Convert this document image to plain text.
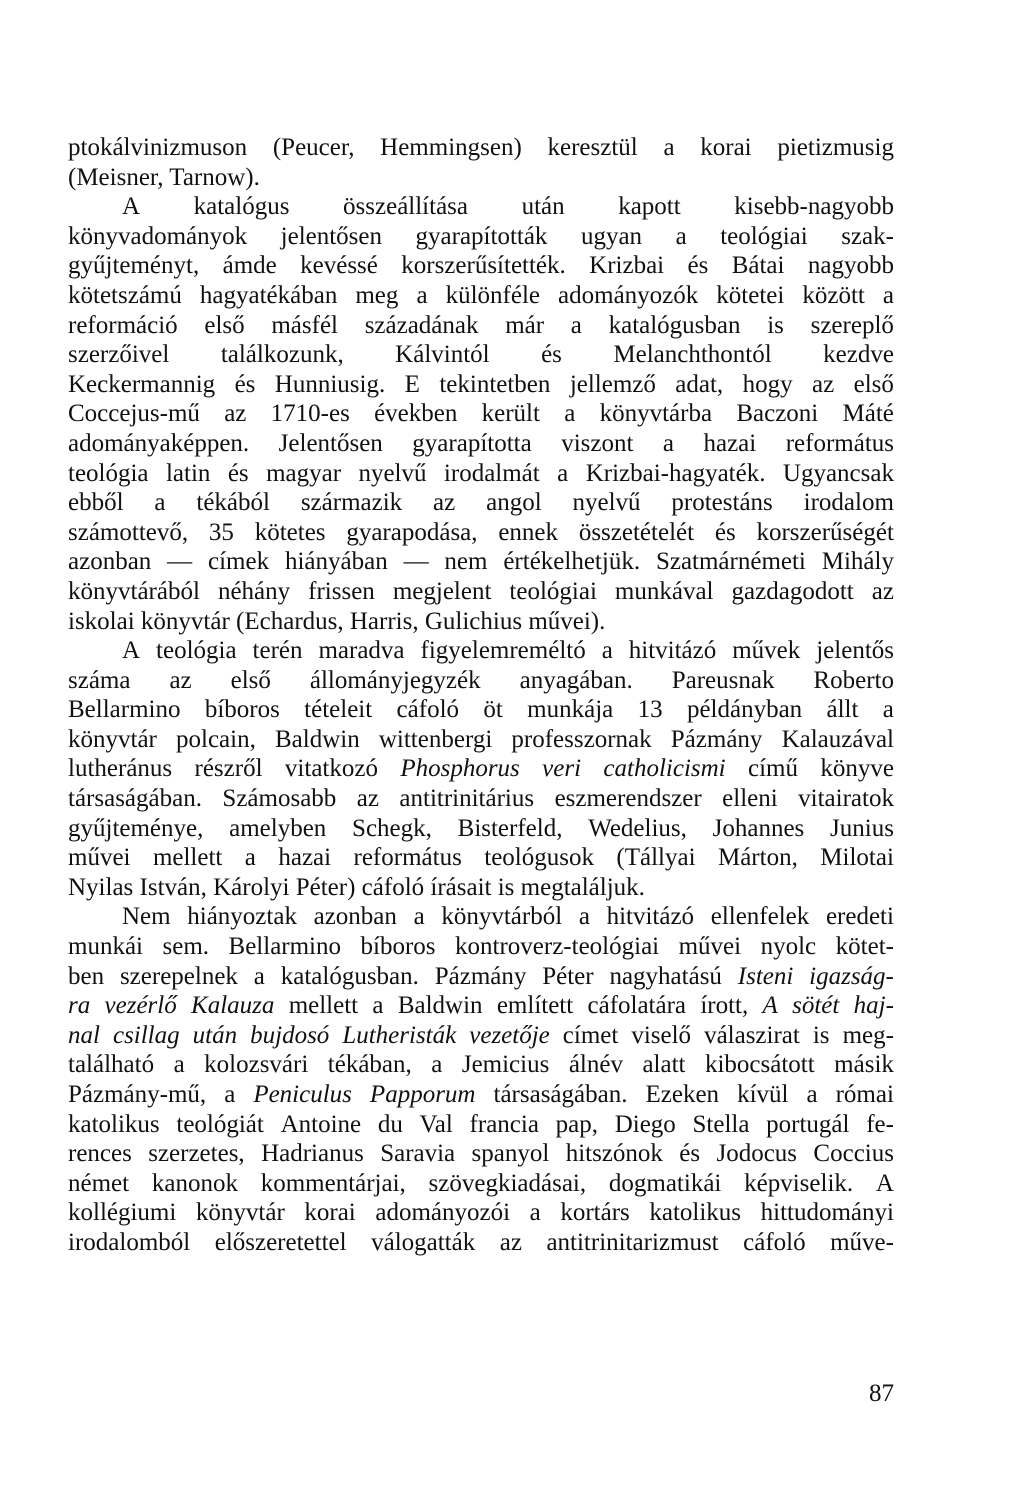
ptokálvinizmuson (Peucer, Hemmingsen) keresztül a korai pietizmusig
(Meisner, Tarnow).
A katalógus összeállítása után kapott kisebb-nagyobb
könyvadományok jelentősen gyarapították ugyan a teológiai szak-
gyűjteményt, ámde kevéssé korszerűsítették. Krizbai és Bátai nagyobb
kötetszámú hagyatékában meg a különféle adományozók kötetei között a
reformáció első másfél századának már a katalógusban is szereplő
szerzőivel találkozunk, Kálvintól és Melanchthontól kezdve
Keckermannig és Hunniusig. E tekintetben jellemző adat, hogy az első
Coccejus-mű az 1710-es években került a könyvtárba Baczoni Máté
adományaképpen. Jelentősen gyarapította viszont a hazai református
teológia latin és magyar nyelvű irodalmát a Krizbai-hagyaték. Ugyancsak
ebből a tékából származik az angol nyelvű protestáns irodalom
számottevő, 35 kötetes gyarapodása, ennek összetételét és korszerűségét
azonban — címek hiányában — nem értékelhetjük. Szatmárnémeti Mihály
könyvtárából néhány frissen megjelent teológiai munkával gazdagodott az
iskolai könyvtár (Echardus, Harris, Gulichius művei).
A teológia terén maradva figyelemreméltó a hitvitázó művek jelentős
száma az első állományjegyzék anyagában. Pareusnak Roberto
Bellarmino bíboros tételeit cáfoló öt munkája 13 példányban állt a
könyvtár polcain, Baldwin wittenbergi professzornak Pázmány Kalauzával
lutheránus részről vitatkozó Phosphorus veri catholicismi című könyve
társaságában. Számosabb az antitrinitárius eszmerendszer elleni vitairatok
gyűjteménye, amelyben Schegk, Bisterfeld, Wedelius, Johannes Junius
művei mellett a hazai református teológusok (Tállyai Márton, Milotai
Nyilas István, Károlyi Péter) cáfoló írásait is megtaláljuk.
Nem hiányoztak azonban a könyvtárból a hitvitázó ellenfelek eredeti
munkái sem. Bellarmino bíboros kontroverz-teológiai művei nyolc kötet-
ben szerepelnek a katalógusban. Pázmány Péter nagyhatású Isteni igazság-
ra vezérlő Kalauza mellett a Baldwin említett cáfolatára írott, A sötét haj-
nal csillag után bujdosó Lutheristák vezetője címet viselő válaszirat is meg-
található a kolozsvári tékában, a Jemicius álnév alatt kibocsátott másik
Pázmány-mű, a Peniculus Papporum társaságában. Ezeken kívül a római
katolikus teológiát Antoine du Val francia pap, Diego Stella portugál fe-
rences szerzetes, Hadrianus Saravia spanyol hitszónok és Jodocus Coccius
német kanonok kommentárjai, szövegkiadásai, dogmatikái képviselik. A
kollégiumi könyvtár korai adományozói a kortárs katolikus hittudományi
irodalomból előszeretettel válogatták az antitrinitarizmust cáfoló műve-
87
